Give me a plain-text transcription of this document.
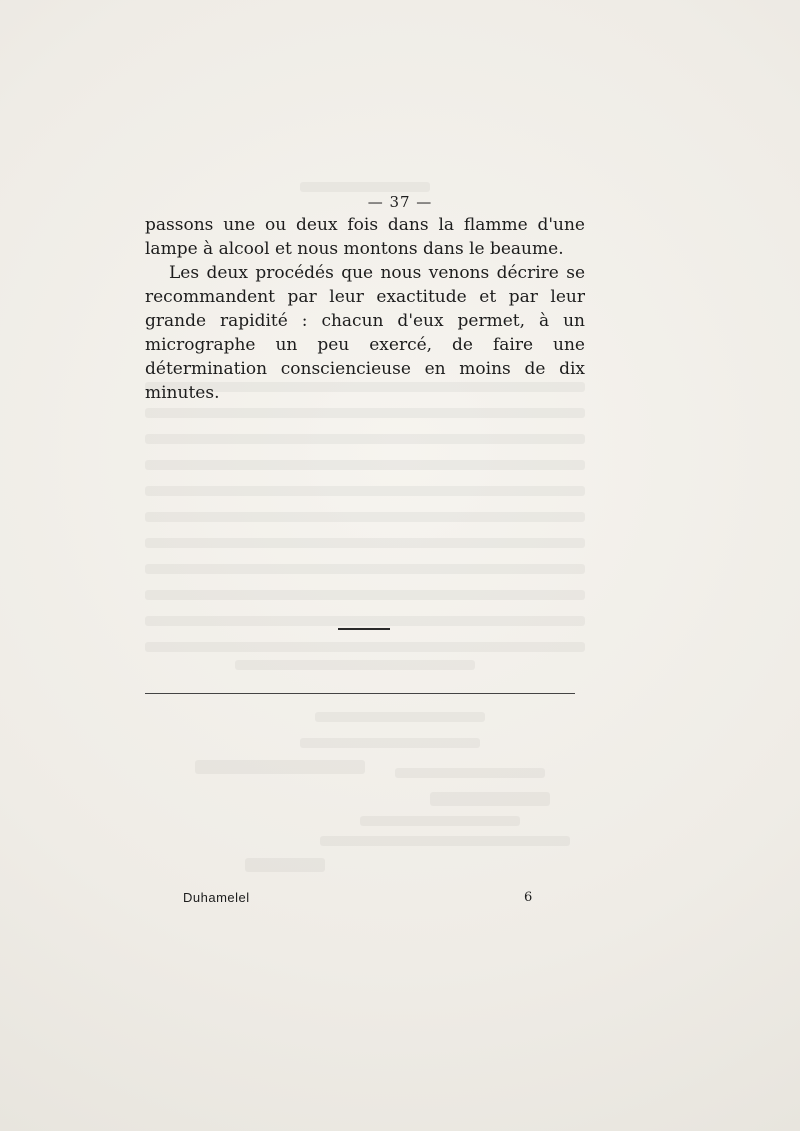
— 37 —

passons une ou deux fois dans la flamme d'une lampe à alcool et nous montons dans le beaume.

Les deux procédés que nous venons décrire se recommandent par leur exactitude et par leur grande rapidité : chacun d'eux permet, à un micrographe un peu exercé, de faire une détermination consciencieuse en moins de dix minutes.

Duhamelel	6
